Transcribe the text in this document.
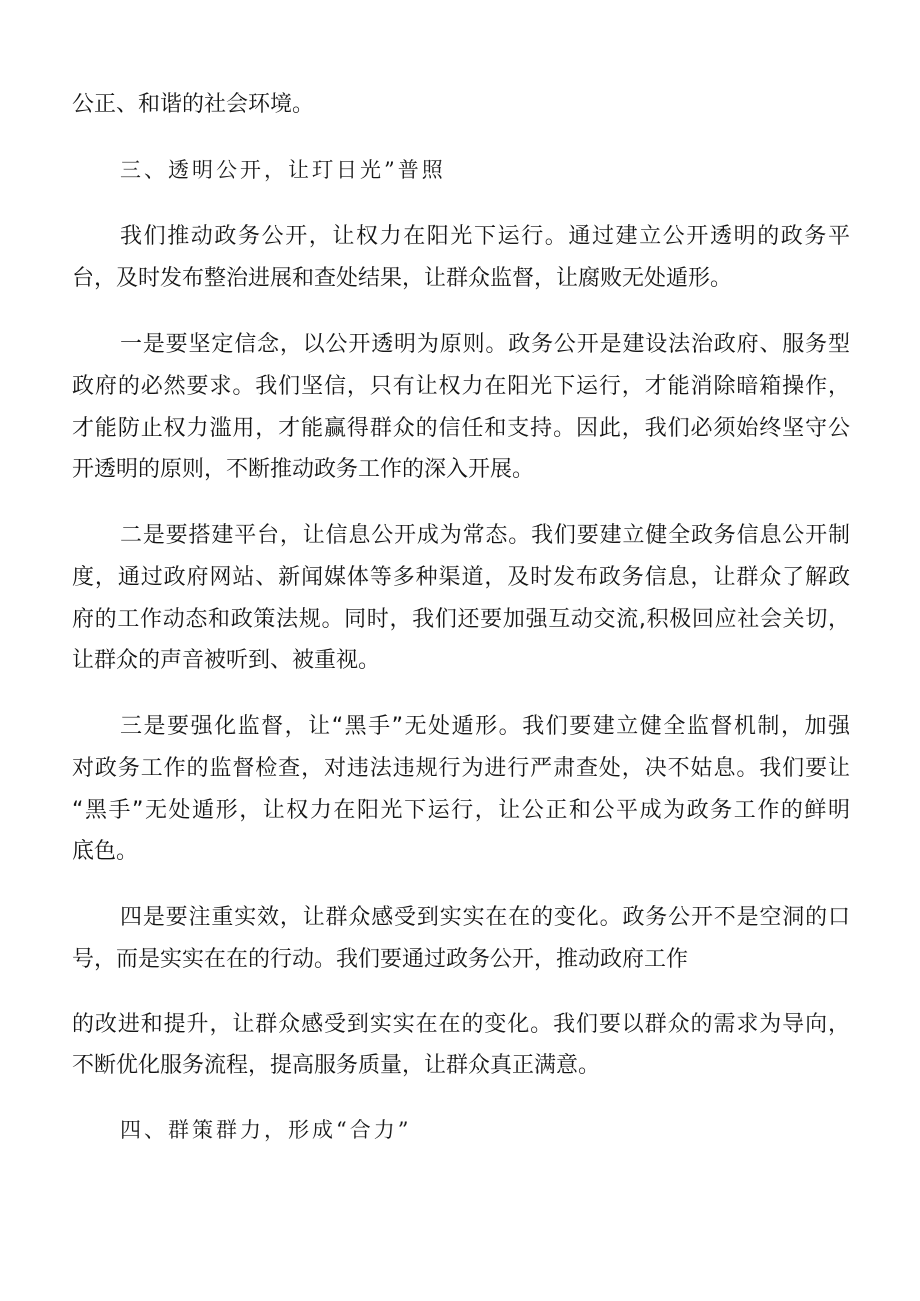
公正、和谐的社会环境。
三、透明公开，让玎日光”普照
我们推动政务公开，让权力在阳光下运行。通过建立公开透明的政务平
台，及时发布整治进展和查处结果，让群众监督，让腐败无处遁形。
一是要坚定信念，以公开透明为原则。政务公开是建设法治政府、服务型
政府的必然要求。我们坚信，只有让权力在阳光下运行，才能消除暗箱操作，
才能防止权力滥用，才能赢得群众的信任和支持。因此，我们必须始终坚守公
开透明的原则，不断推动政务工作的深入开展。
二是要搭建平台，让信息公开成为常态。我们要建立健全政务信息公开制
度，通过政府网站、新闻媒体等多种渠道，及时发布政务信息，让群众了解政
府的工作动态和政策法规。同时，我们还要加强互动交流,积极回应社会关切，
让群众的声音被听到、被重视。
三是要强化监督，让“黑手”无处遁形。我们要建立健全监督机制，加强
对政务工作的监督检查，对违法违规行为进行严肃查处，决不姑息。我们要让
“黑手”无处遁形，让权力在阳光下运行，让公正和公平成为政务工作的鲜明
底色。
四是要注重实效，让群众感受到实实在在的变化。政务公开不是空洞的口
号，而是实实在在的行动。我们要通过政务公开，推动政府工作
的改进和提升，让群众感受到实实在在的变化。我们要以群众的需求为导向，
不断优化服务流程，提高服务质量，让群众真正满意。
四、群策群力，形成“合力”
